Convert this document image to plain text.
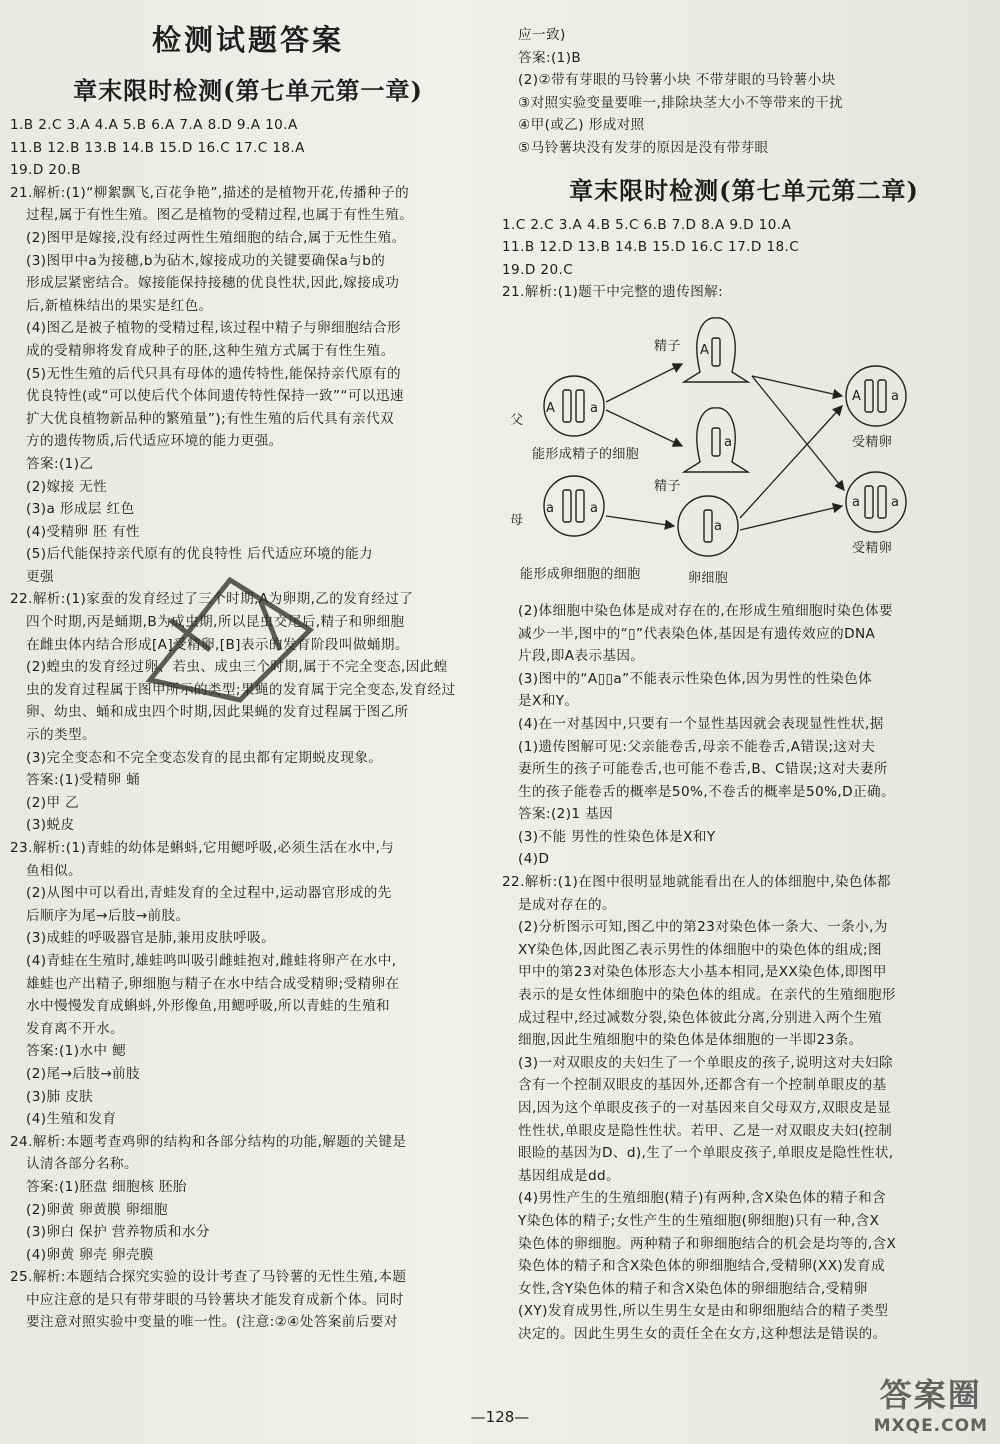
检测试题答案
章末限时检测(第七单元第一章)

1.B 2.C 3.A 4.A 5.B 6.A 7.A 8.D 9.A 10.A

11.B 12.B 13.B 14.B 15.D 16.C 17.C 18.A

19.D 20.B

21.解析:(1)“柳絮飘飞,百花争艳”,描述的是植物开花,传播种子的

过程,属于有性生殖。图乙是植物的受精过程,也属于有性生殖。

(2)图甲是嫁接,没有经过两性生殖细胞的结合,属于无性生殖。

(3)图甲中a为接穗,b为砧木,嫁接成功的关键要确保a与b的

形成层紧密结合。嫁接能保持接穗的优良性状,因此,嫁接成功

后,新植株结出的果实是红色。

(4)图乙是被子植物的受精过程,该过程中精子与卵细胞结合形

成的受精卵将发育成种子的胚,这种生殖方式属于有性生殖。

(5)无性生殖的后代只具有母体的遗传特性,能保持亲代原有的

优良特性(或“可以使后代个体间遗传特性保持一致”“可以迅速

扩大优良植物新品种的繁殖量”);有性生殖的后代具有亲代双

方的遗传物质,后代适应环境的能力更强。

答案:(1)乙

(2)嫁接 无性

(3)a 形成层 红色

(4)受精卵 胚 有性

(5)后代能保持亲代原有的优良特性 后代适应环境的能力

更强

22.解析:(1)家蚕的发育经过了三个时期,A为卵期,乙的发育经过了

四个时期,丙是蛹期,B为成虫期,所以昆虫交尾后,精子和卵细胞

在雌虫体内结合形成[A]受精卵,[B]表示的发育阶段叫做蛹期。

(2)蝗虫的发育经过卵、若虫、成虫三个时期,属于不完全变态,因此蝗

虫的发育过程属于图甲所示的类型;果蝇的发育属于完全变态,发育经过

卵、幼虫、蛹和成虫四个时期,因此果蝇的发育过程属于图乙所

示的类型。

(3)完全变态和不完全变态发育的昆虫都有定期蜕皮现象。

答案:(1)受精卵 蛹

(2)甲 乙

(3)蜕皮

23.解析:(1)青蛙的幼体是蝌蚪,它用鳃呼吸,必须生活在水中,与

鱼相似。

(2)从图中可以看出,青蛙发育的全过程中,运动器官形成的先

后顺序为尾→后肢→前肢。

(3)成蛙的呼吸器官是肺,兼用皮肤呼吸。

(4)青蛙在生殖时,雄蛙鸣叫吸引雌蛙抱对,雌蛙将卵产在水中,

雄蛙也产出精子,卵细胞与精子在水中结合成受精卵;受精卵在

水中慢慢发育成蝌蚪,外形像鱼,用鳃呼吸,所以青蛙的生殖和

发育离不开水。

答案:(1)水中 鳃

(2)尾→后肢→前肢

(3)肺 皮肤

(4)生殖和发育

24.解析:本题考查鸡卵的结构和各部分结构的功能,解题的关键是

认清各部分名称。

答案:(1)胚盘 细胞核 胚胎

(2)卵黄 卵黄膜 卵细胞

(3)卵白 保护 营养物质和水分

(4)卵黄 卵壳 卵壳膜

25.解析:本题结合探究实验的设计考查了马铃薯的无性生殖,本题

中应注意的是只有带芽眼的马铃薯块才能发育成新个体。同时

要注意对照实验中变量的唯一性。(注意:②④处答案前后要对

应一致)

答案:(1)B

(2)②带有芽眼的马铃薯小块 不带芽眼的马铃薯小块

③对照实验变量要唯一,排除块茎大小不等带来的干扰

④甲(或乙) 形成对照

⑤马铃薯块没有发芽的原因是没有带芽眼

章末限时检测(第七单元第二章)

1.C 2.C 3.A 4.B 5.C 6.B 7.D 8.A 9.D 10.A

11.B 12.D 13.B 14.B 15.D 16.C 17.D 18.C

19.D 20.C

21.解析:(1)题干中完整的遗传图解:

父
母
A	a
a
a
精子 A
精子
a
能形成精子的细胞
能形成卵细胞的细胞	卵细胞
a
A a
受精卵
a a
受精卵

(2)体细胞中染色体是成对存在的,在形成生殖细胞时染色体要

减少一半,图中的“▯”代表染色体,基因是有遗传效应的DNA

片段,即A表示基因。

(3)图中的“A▯▯a”不能表示性染色体,因为男性的性染色体

是X和Y。

(4)在一对基因中,只要有一个显性基因就会表现显性性状,据

(1)遗传图解可见:父亲能卷舌,母亲不能卷舌,A错误;这对夫

妻所生的孩子可能卷舌,也可能不卷舌,B、C错误;这对夫妻所

生的孩子能卷舌的概率是50%,不卷舌的概率是50%,D正确。

答案:(2)1 基因

(3)不能 男性的性染色体是X和Y

(4)D

22.解析:(1)在图中很明显地就能看出在人的体细胞中,染色体都

是成对存在的。

(2)分析图示可知,图乙中的第23对染色体一条大、一条小,为

XY染色体,因此图乙表示男性的体细胞中的染色体的组成;图

甲中的第23对染色体形态大小基本相同,是XX染色体,即图甲

表示的是女性体细胞中的染色体的组成。在亲代的生殖细胞形

成过程中,经过减数分裂,染色体彼此分离,分别进入两个生殖

细胞,因此生殖细胞中的染色体是体细胞的一半即23条。

(3)一对双眼皮的夫妇生了一个单眼皮的孩子,说明这对夫妇除

含有一个控制双眼皮的基因外,还都含有一个控制单眼皮的基

因,因为这个单眼皮孩子的一对基因来自父母双方,双眼皮是显

性性状,单眼皮是隐性性状。若甲、乙是一对双眼皮夫妇(控制

眼睑的基因为D、d),生了一个单眼皮孩子,单眼皮是隐性性状,

基因组成是dd。

(4)男性产生的生殖细胞(精子)有两种,含X染色体的精子和含

Y染色体的精子;女性产生的生殖细胞(卵细胞)只有一种,含X

染色体的卵细胞。两种精子和卵细胞结合的机会是均等的,含X

染色体的精子和含X染色体的卵细胞结合,受精卵(XX)发育成

女性,含Y染色体的精子和含X染色体的卵细胞结合,受精卵

(XY)发育成男性,所以生男生女是由和卵细胞结合的精子类型

决定的。因此生男生女的责任全在女方,这种想法是错误的。

—128—
答案圈
MXQE.COM
